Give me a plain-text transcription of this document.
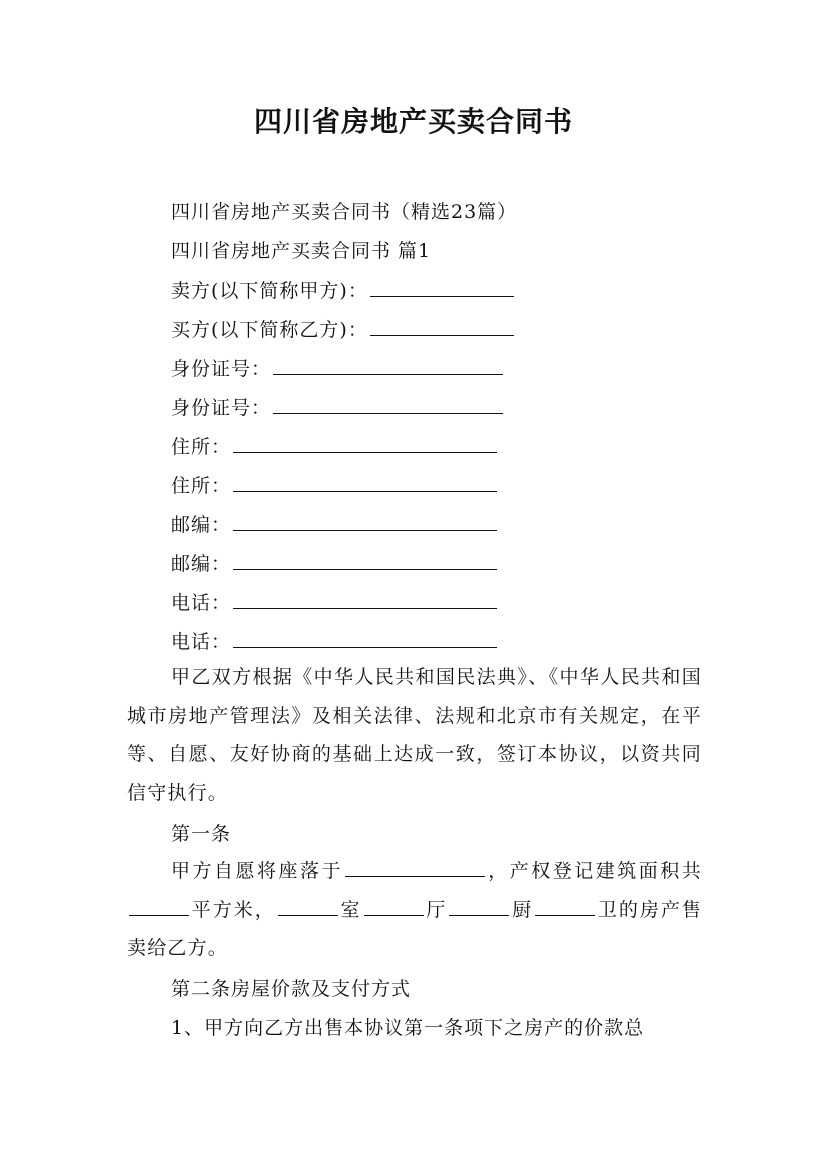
四川省房地产买卖合同书
四川省房地产买卖合同书（精选23篇）
四川省房地产买卖合同书 篇1
卖方(以下简称甲方)：
买方(以下简称乙方)：
身份证号：
身份证号：
住所：
住所：
邮编：
邮编：
电话：
电话：
甲乙双方根据《中华人民共和国民法典》、《中华人民共和国城市房地产管理法》及相关法律、法规和北京市有关规定，在平等、自愿、友好协商的基础上达成一致，签订本协议，以资共同信守执行。
第一条
甲方自愿将座落于	，产权登记建筑面积共平方米，	室	厅	厨	卫的房产售卖给乙方。
第二条房屋价款及支付方式
1、甲方向乙方出售本协议第一条项下之房产的价款总
